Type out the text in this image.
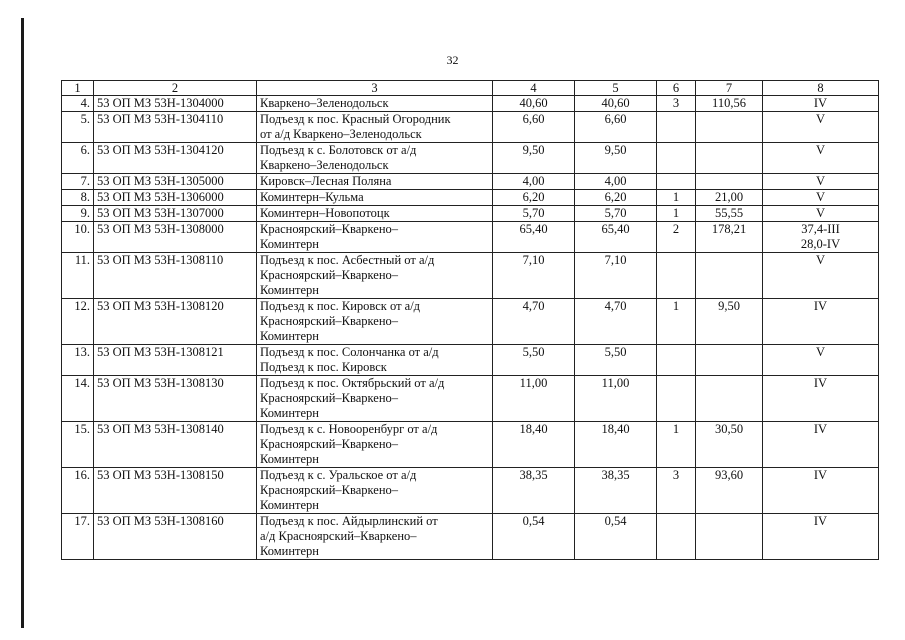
32
1	2	3	4	5	6	7	8
4.	53 ОП МЗ 53Н-1304000	Кваркено–Зеленодольск	40,60	40,60	3	110,56	IV
5.	53 ОП МЗ 53Н-1304110	Подъезд к пос. Красный Огородник
от а/д Кваркено–Зеленодольск	6,60	6,60			V
6.	53 ОП МЗ 53Н-1304120	Подъезд к с. Болотовск от а/д
Кваркено–Зеленодольск	9,50	9,50			V
7.	53 ОП МЗ 53Н-1305000	Кировск–Лесная Поляна	4,00	4,00			V
8.	53 ОП МЗ 53Н-1306000	Коминтерн–Кульма	6,20	6,20	1	21,00	V
9.	53 ОП МЗ 53Н-1307000	Коминтерн–Новопотоцк	5,70	5,70	1	55,55	V
10.	53 ОП МЗ 53Н-1308000	Красноярский–Кваркено–
Коминтерн	65,40	65,40	2	178,21	37,4-III
28,0-IV
11.	53 ОП МЗ 53Н-1308110	Подъезд к пос. Асбестный от а/д
Красноярский–Кваркено–
Коминтерн	7,10	7,10			V
12.	53 ОП МЗ 53Н-1308120	Подъезд к пос. Кировск от а/д
Красноярский–Кваркено–
Коминтерн	4,70	4,70	1	9,50	IV
13.	53 ОП МЗ 53Н-1308121	Подъезд к пос. Солончанка от а/д
Подъезд к пос. Кировск	5,50	5,50			V
14.	53 ОП МЗ 53Н-1308130	Подъезд к пос. Октябрьский от а/д
Красноярский–Кваркено–
Коминтерн	11,00	11,00			IV
15.	53 ОП МЗ 53Н-1308140	Подъезд к с. Новооренбург от а/д
Красноярский–Кваркено–
Коминтерн	18,40	18,40	1	30,50	IV
16.	53 ОП МЗ 53Н-1308150	Подъезд к с. Уральское от а/д
Красноярский–Кваркено–
Коминтерн	38,35	38,35	3	93,60	IV
17.	53 ОП МЗ 53Н-1308160	Подъезд к пос. Айдырлинский от
а/д Красноярский–Кваркено–
Коминтерн	0,54	0,54			IV
